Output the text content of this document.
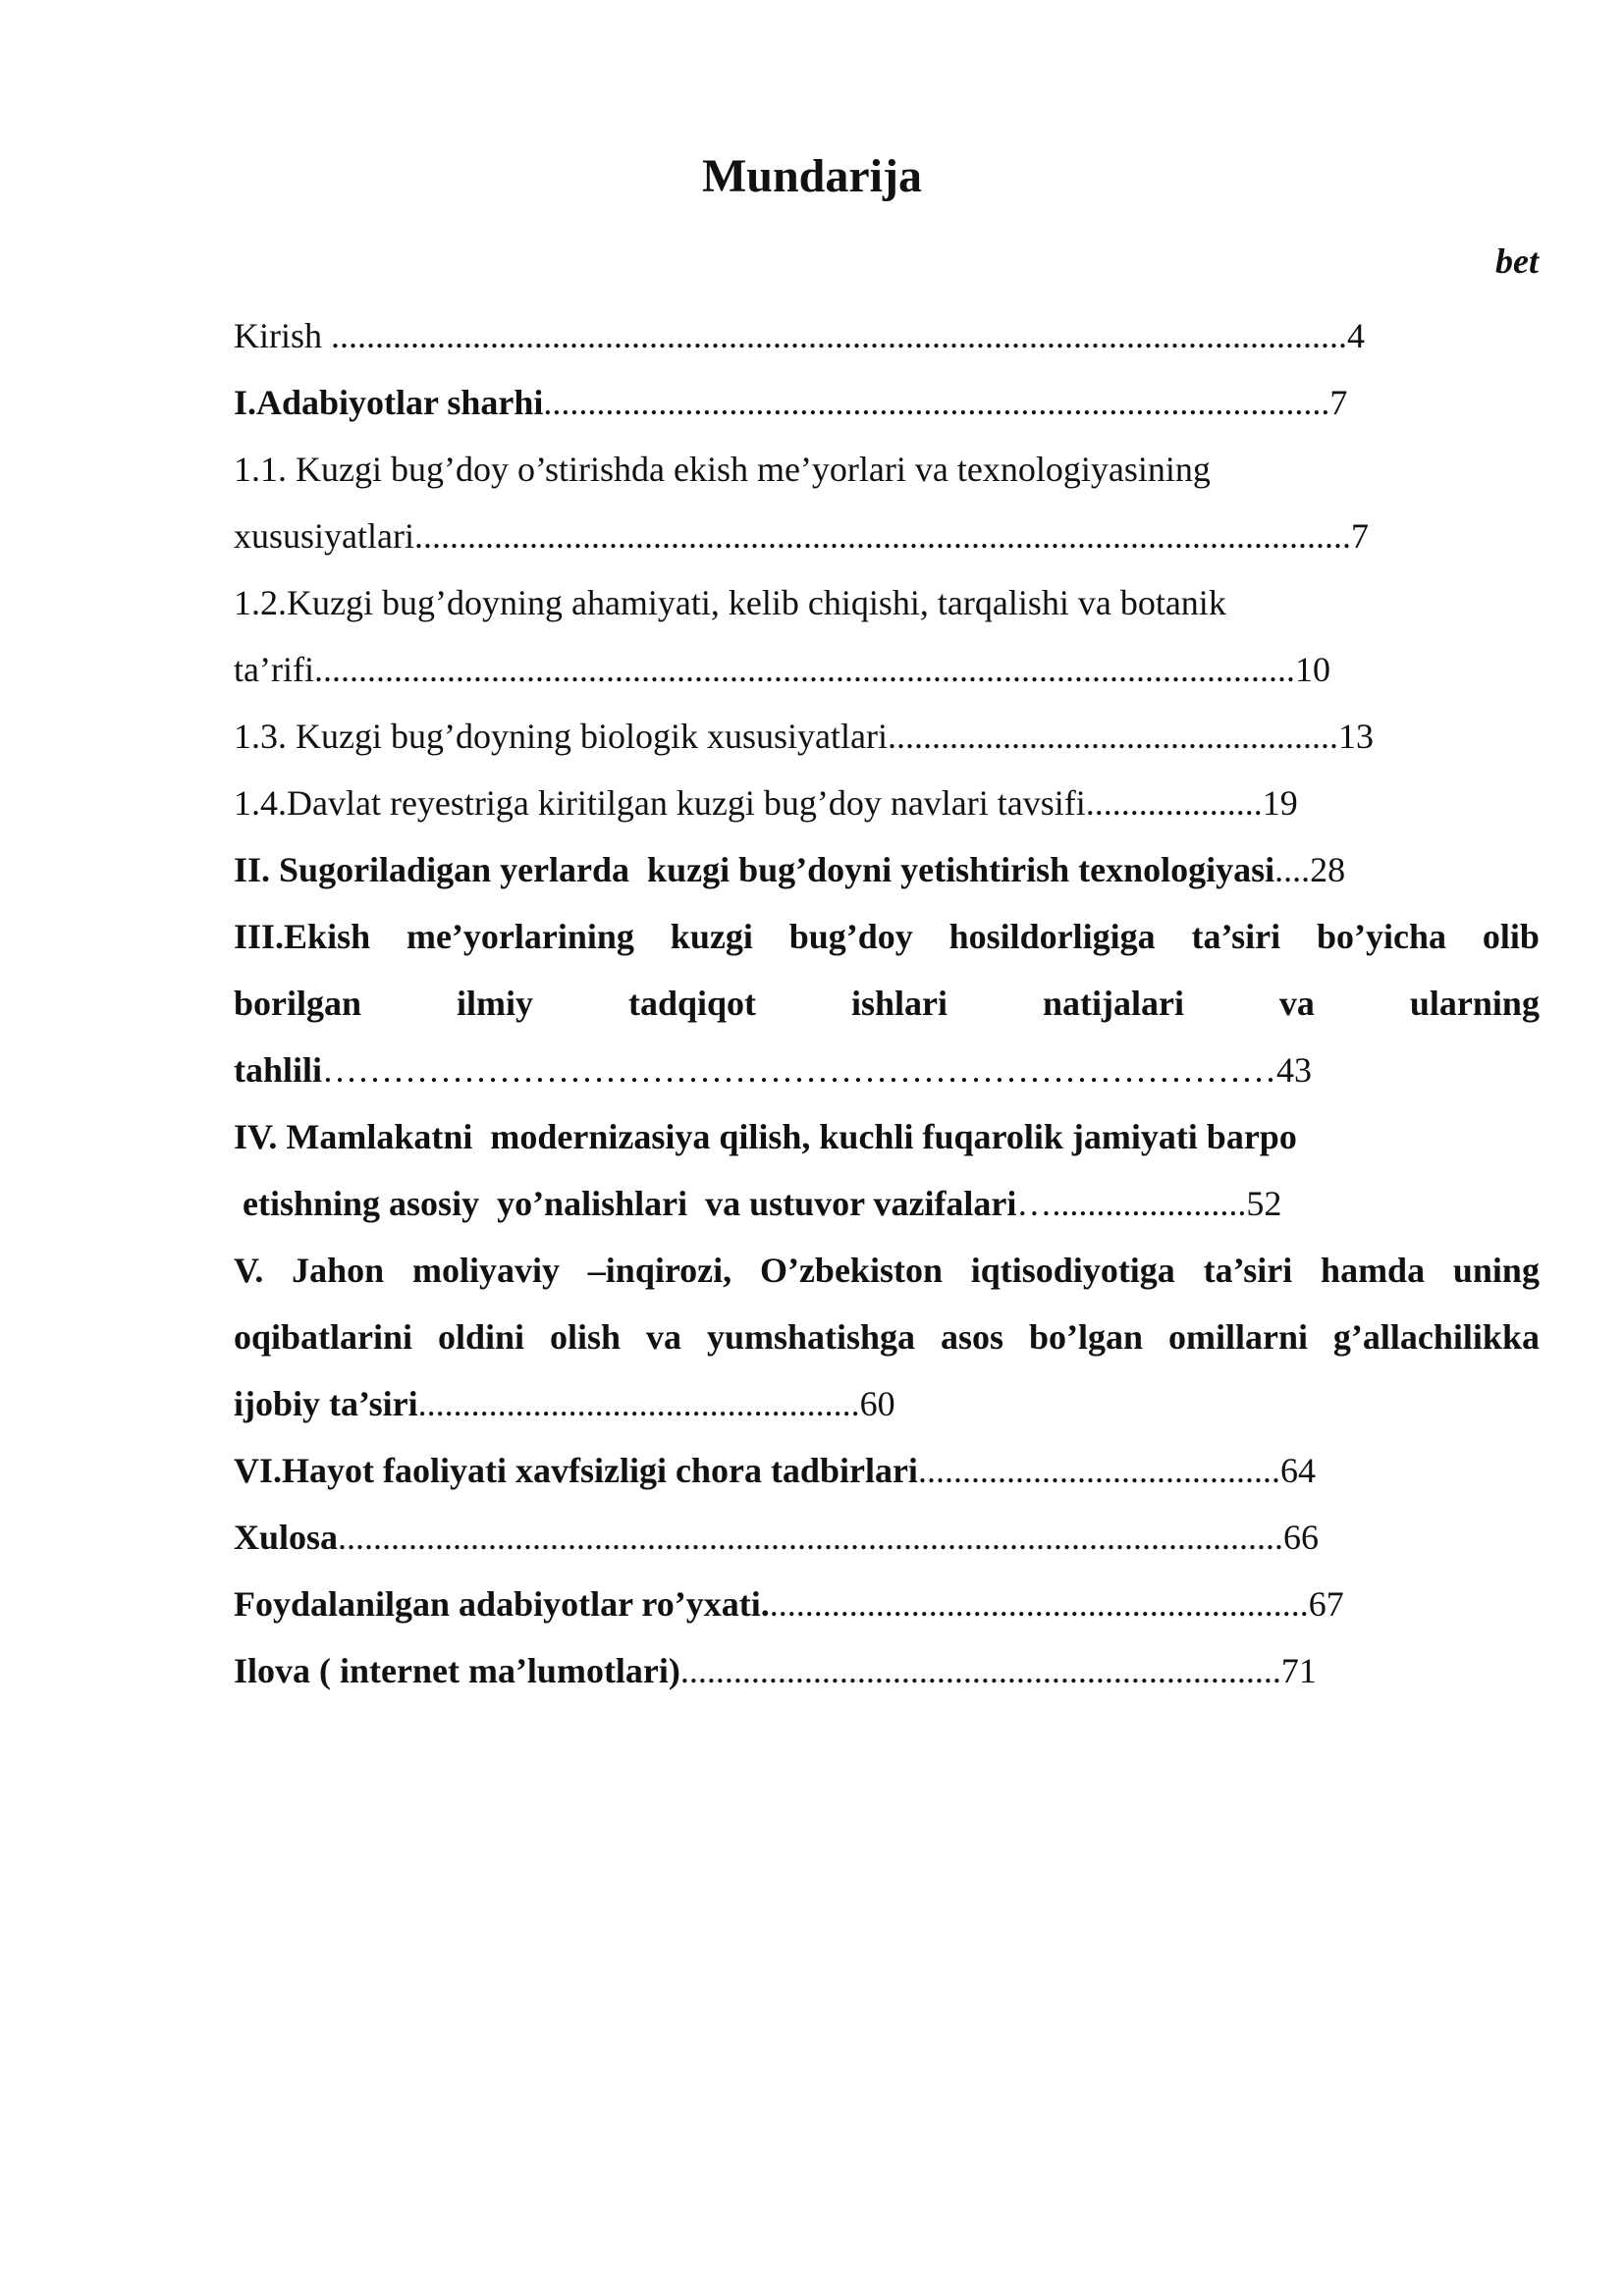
Mundarija
bet
Kirish ...................................................................................................................4
I.Adabiyotlar sharhi.........................................................................................7
1.1. Kuzgi bug’doy o’stirishda ekish me’yorlari va texnologiyasining
xususiyatlari..........................................................................................................7
1.2.Kuzgi bug’doyning ahamiyati, kelib chiqishi, tarqalishi va botanik
ta’rifi...............................................................................................................10
1.3. Kuzgi bug’doyning biologik xususiyatlari...................................................13
1.4.Davlat reyestriga kiritilgan kuzgi bug’doy navlari tavsifi....................19
II. Sugoriladigan yerlarda  kuzgi bug’doyni yetishtirish texnologiyasi....28
III.Ekish me’yorlarining kuzgi bug’doy hosildorligiga ta’siri bo’yicha olib
borilgan	ilmiy	tadqiqot	ishlari	natijalari	va	ularning
tahlili………………………………………………………………………43
IV. Mamlakatni  modernizasiya qilish, kuchli fuqarolik jamiyati barpo
etishning asosiy  yo’nalishlari  va ustuvor vazifalari…......................52
V. Jahon moliyaviy –inqirozi, O’zbekiston iqtisodiyotiga ta’siri hamda uning
oqibatlarini oldini olish va yumshatishga asos bo’lgan omillarni g’allachilikka
ijobiy ta’siri..................................................60
VI.Hayot faoliyati xavfsizligi chora tadbirlari.........................................64
Xulosa...........................................................................................................66
Foydalanilgan adabiyotlar ro’yxati..............................................................67
Ilova ( internet ma’lumotlari)....................................................................71
